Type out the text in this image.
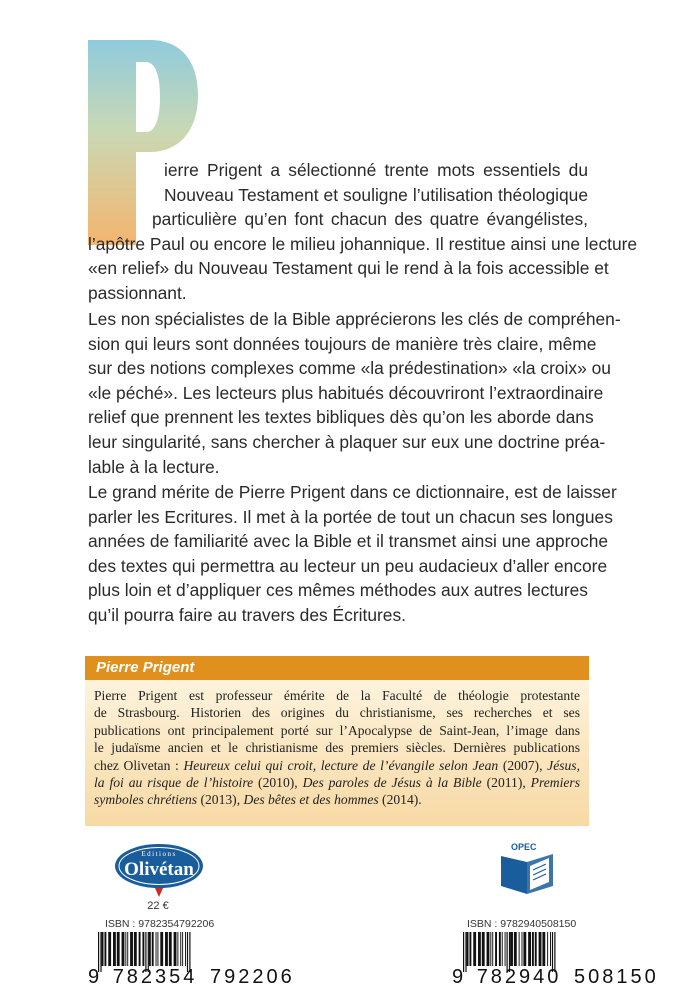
ierre Prigent a sélectionné trente mots essentiels du
Nouveau Testament et souligne l’utilisation théologique
particulière qu’en font chacun des quatre évangélistes,
l’apôtre Paul ou encore le milieu johannique. Il restitue ainsi une lecture
«en relief» du Nouveau Testament qui le rend à la fois accessible et
passionnant.
Les non spécialistes de la Bible apprécierons les clés de compréhen-
sion qui leurs sont données toujours de manière très claire, même
sur des notions complexes comme «la prédestination» «la croix» ou
«le péché». Les lecteurs plus habitués découvriront l’extraordinaire
relief que prennent les textes bibliques dès qu’on les aborde dans
leur singularité, sans chercher à plaquer sur eux une doctrine préa-
lable à la lecture.
Le grand mérite de Pierre Prigent dans ce dictionnaire, est de laisser
parler les Ecritures. Il met à la portée de tout un chacun ses longues
années de familiarité avec la Bible et il transmet ainsi une approche
des textes qui permettra au lecteur un peu audacieux d’aller encore
plus loin et d’appliquer ces mêmes méthodes aux autres lectures
qu’il pourra faire au travers des Écritures.
Pierre Prigent
Pierre Prigent est professeur émérite de la Faculté de théologie protestante
de Strasbourg. Historien des origines du christianisme, ses recherches et ses
publications ont principalement porté sur l’Apocalypse de Saint-Jean, l’image dans
le judaïsme ancien et le christianisme des premiers siècles. Dernières publications
chez Olivetan : Heureux celui qui croit, lecture de l’évangile selon Jean (2007), Jésus,
la foi au risque de l’histoire (2010), Des paroles de Jésus à la Bible (2011), Premiers
symboles chrétiens (2013), Des bêtes et des hommes (2014).
Editions
Olivétan
22 €
ISBN : 9782354792206
9 782354 792206
OPEC
ISBN : 9782940508150
9 782940 508150
